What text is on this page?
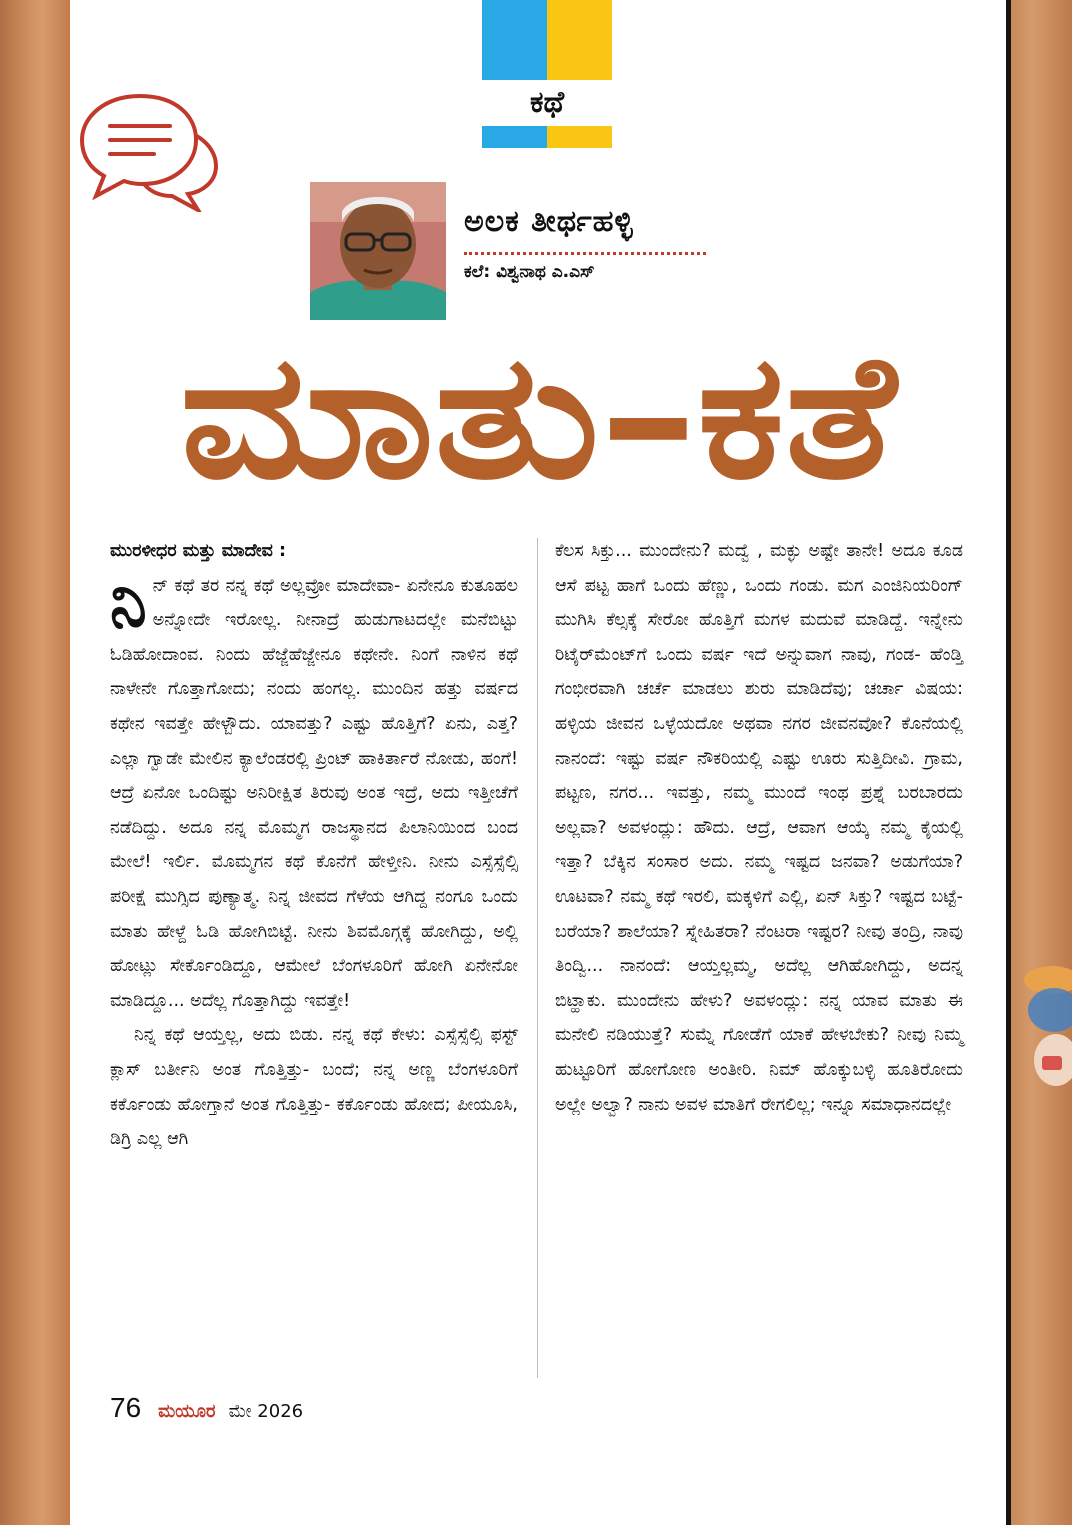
ಕಥೆ
ಅಲಕ ತೀರ್ಥಹಳ್ಳಿ
ಕಲೆ: ವಿಶ್ವನಾಥ ಎ.ಎಸ್‌
ಮಾತು–ಕತೆ

ಮುರಳೀಧರ ಮತ್ತು ಮಾದೇವ :

ನಿ ನ್ ಕಥೆ ತರ ನನ್ನ ಕಥೆ ಅಲ್ಲವ್ರೋ ಮಾದೇವಾ- ಏನೇನೂ ಕುತೂಹಲ ಅನ್ನೋದೇ ಇರೋಲ್ಲ. ನೀನಾದ್ರೆ ಹುಡುಗಾಟದಲ್ಲೇ ಮನೆಬಿಟ್ಟು ಓಡಿಹೋದಾಂವ. ನಿಂದು ಹೆಜ್ಜೆಹೆಜ್ಜೇನೂ ಕಥೇನೇ. ನಿಂಗೆ ನಾಳಿನ ಕಥೆ ನಾಳೇನೇ ಗೊತ್ತಾಗೋದು; ನಂದು ಹಂಗಲ್ಲ. ಮುಂದಿನ ಹತ್ತು ವರ್ಷದ ಕಥೇನ ಇವತ್ತೇ ಹೇಳ್ಬೌದು. ಯಾವತ್ತು? ಎಷ್ಟು ಹೊತ್ತಿಗೆ? ಏನು, ಎತ್ತ? ಎಲ್ಲಾ ಗ್ವಾಡೇ ಮೇಲಿನ ಕ್ಯಾಲೆಂಡರಲ್ಲಿ ಪ್ರಿಂಟ್ ಹಾಕಿರ್ತಾರೆ ನೋಡು, ಹಂಗೆ! ಆದ್ರೆ ಏನೋ ಒಂದಿಷ್ಟು ಅನಿರೀಕ್ಷಿತ ತಿರುವು ಅಂತ ಇದ್ರೆ, ಅದು ಇತ್ತೀಚೆಗೆ ನಡೆದಿದ್ದು. ಅದೂ ನನ್ನ ಮೊಮ್ಮಗ ರಾಜಸ್ಥಾನದ ಪಿಲಾನಿಯಿಂದ ಬಂದ ಮೇಲೆ! ಇರ್ಲಿ. ಮೊಮ್ಮಗನ ಕಥೆ ಕೊನೆಗೆ ಹೇಳ್ತೀನಿ. ನೀನು ಎಸ್ಸೆಸ್ಸೆಲ್ಸಿ ಪರೀಕ್ಷೆ ಮುಗ್ಸಿದ ಪುಣ್ಯಾತ್ಮ. ನಿನ್ನ ಜೀವದ ಗೆಳೆಯ ಆಗಿದ್ದ ನಂಗೂ ಒಂದು ಮಾತು ಹೇಳ್ದೆ ಓಡಿ ಹೋಗಿಬಿಟ್ಟೆ. ನೀನು ಶಿವಮೊಗ್ಗಕ್ಕೆ ಹೋಗಿದ್ದು, ಅಲ್ಲಿ ಹೋಟ್ಲು ಸೇರ್ಕೊಂಡಿದ್ದೂ, ಆಮೇಲೆ ಬೆಂಗಳೂರಿಗೆ ಹೋಗಿ ಏನೇನೋ ಮಾಡಿದ್ದೂ... ಅದೆಲ್ಲ ಗೊತ್ತಾಗಿದ್ದು ಇವತ್ತೇ!

ನಿನ್ನ ಕಥೆ ಆಯ್ತಲ್ಲ, ಅದು ಬಿಡು. ನನ್ನ ಕಥೆ ಕೇಳು: ಎಸ್ಸೆಸ್ಸೆಲ್ಸಿ ಫಸ್ಟ್ ಕ್ಲಾಸ್ ಬರ್ತೀನಿ ಅಂತ ಗೊತ್ತಿತ್ತು- ಬಂದೆ; ನನ್ನ ಅಣ್ಣ ಬೆಂಗಳೂರಿಗೆ ಕರ್ಕೊಂಡು ಹೋಗ್ತಾನೆ ಅಂತ ಗೊತ್ತಿತ್ತು- ಕರ್ಕೊಂಡು ಹೋದ; ಪೀಯೂಸಿ, ಡಿಗ್ರಿ ಎಲ್ಲ ಆಗಿ

ಕೆಲಸ ಸಿಕ್ತು... ಮುಂದೇನು? ಮದ್ವೆ , ಮಕ್ಳು ಅಷ್ಟೇ ತಾನೇ! ಅದೂ ಕೂಡ ಆಸೆ ಪಟ್ಟ ಹಾಗೆ ಒಂದು ಹೆಣ್ಣು, ಒಂದು ಗಂಡು. ಮಗ ಎಂಜಿನಿಯರಿಂಗ್ ಮುಗಿಸಿ ಕೆಲ್ಸಕ್ಕೆ ಸೇರೋ ಹೊತ್ತಿಗೆ ಮಗಳ ಮದುವೆ ಮಾಡಿದ್ದೆ. ಇನ್ನೇನು ರಿಟೈರ್‌ಮೆಂಟ್‌ಗೆ ಒಂದು ವರ್ಷ ಇದೆ ಅನ್ನುವಾಗ ನಾವು, ಗಂಡ- ಹೆಂಡ್ತಿ ಗಂಭೀರವಾಗಿ ಚರ್ಚೆ ಮಾಡಲು ಶುರು ಮಾಡಿದೆವು; ಚರ್ಚಾ ವಿಷಯ: ಹಳ್ಳಿಯ ಜೀವನ ಒಳ್ಳೆಯದೋ ಅಥವಾ ನಗರ ಜೀವನವೋ? ಕೊನೆಯಲ್ಲಿ ನಾನಂದೆ: ಇಷ್ಟು ವರ್ಷ ನೌಕರಿಯಲ್ಲಿ ಎಷ್ಟು ಊರು ಸುತ್ತಿದೀವಿ. ಗ್ರಾಮ, ಪಟ್ಟಣ, ನಗರ... ಇವತ್ತು, ನಮ್ಮ ಮುಂದೆ ಇಂಥ ಪ್ರಶ್ನೆ ಬರಬಾರದು ಅಲ್ಲವಾ? ಅವಳಂದ್ಲು: ಹೌದು. ಆದ್ರೆ, ಆವಾಗ ಆಯ್ಕೆ ನಮ್ಮ ಕೈಯಲ್ಲಿ ಇತ್ತಾ? ಬೆಕ್ಕಿನ ಸಂಸಾರ ಅದು. ನಮ್ಮ ಇಷ್ಟದ ಜನವಾ? ಅಡುಗೆಯಾ? ಊಟವಾ? ನಮ್ಮ ಕಥೆ ಇರಲಿ, ಮಕ್ಕಳಿಗೆ ಎಲ್ಲಿ, ಏನ್ ಸಿಕ್ತು? ಇಷ್ಟದ ಬಟ್ಟೆ- ಬರೆಯಾ? ಶಾಲೆಯಾ? ಸ್ನೇಹಿತರಾ? ನೆಂಟರಾ ಇಷ್ಟರ? ನೀವು ತಂದ್ರಿ, ನಾವು ತಿಂದ್ವಿ... ನಾನಂದೆ: ಆಯ್ತಲ್ಲಮ್ಮ, ಅದೆಲ್ಲ ಆಗಿಹೋಗಿದ್ದು, ಅದನ್ನ ಬಿಟ್ಹಾಕು. ಮುಂದೇನು ಹೇಳು? ಅವಳಂದ್ಲು: ನನ್ನ ಯಾವ ಮಾತು ಈ ಮನೇಲಿ ನಡಿಯುತ್ತೆ? ಸುಮ್ನೆ ಗೋಡೆಗೆ ಯಾಕೆ ಹೇಳಬೇಕು? ನೀವು ನಿಮ್ಮ ಹುಟ್ಟೂರಿಗೆ ಹೋಗೋಣ ಅಂತೀರಿ. ನಿಮ್ ಹೊಕ್ಕುಬಳ್ಳಿ ಹೂತಿರೋದು ಅಲ್ಲೇ ಅಲ್ವಾ? ನಾನು ಅವಳ ಮಾತಿಗೆ ರೇಗಲಿಲ್ಲ; ಇನ್ನೂ ಸಮಾಧಾನದಲ್ಲೇ

76 ಮಯೂರ ಮೇ 2026
